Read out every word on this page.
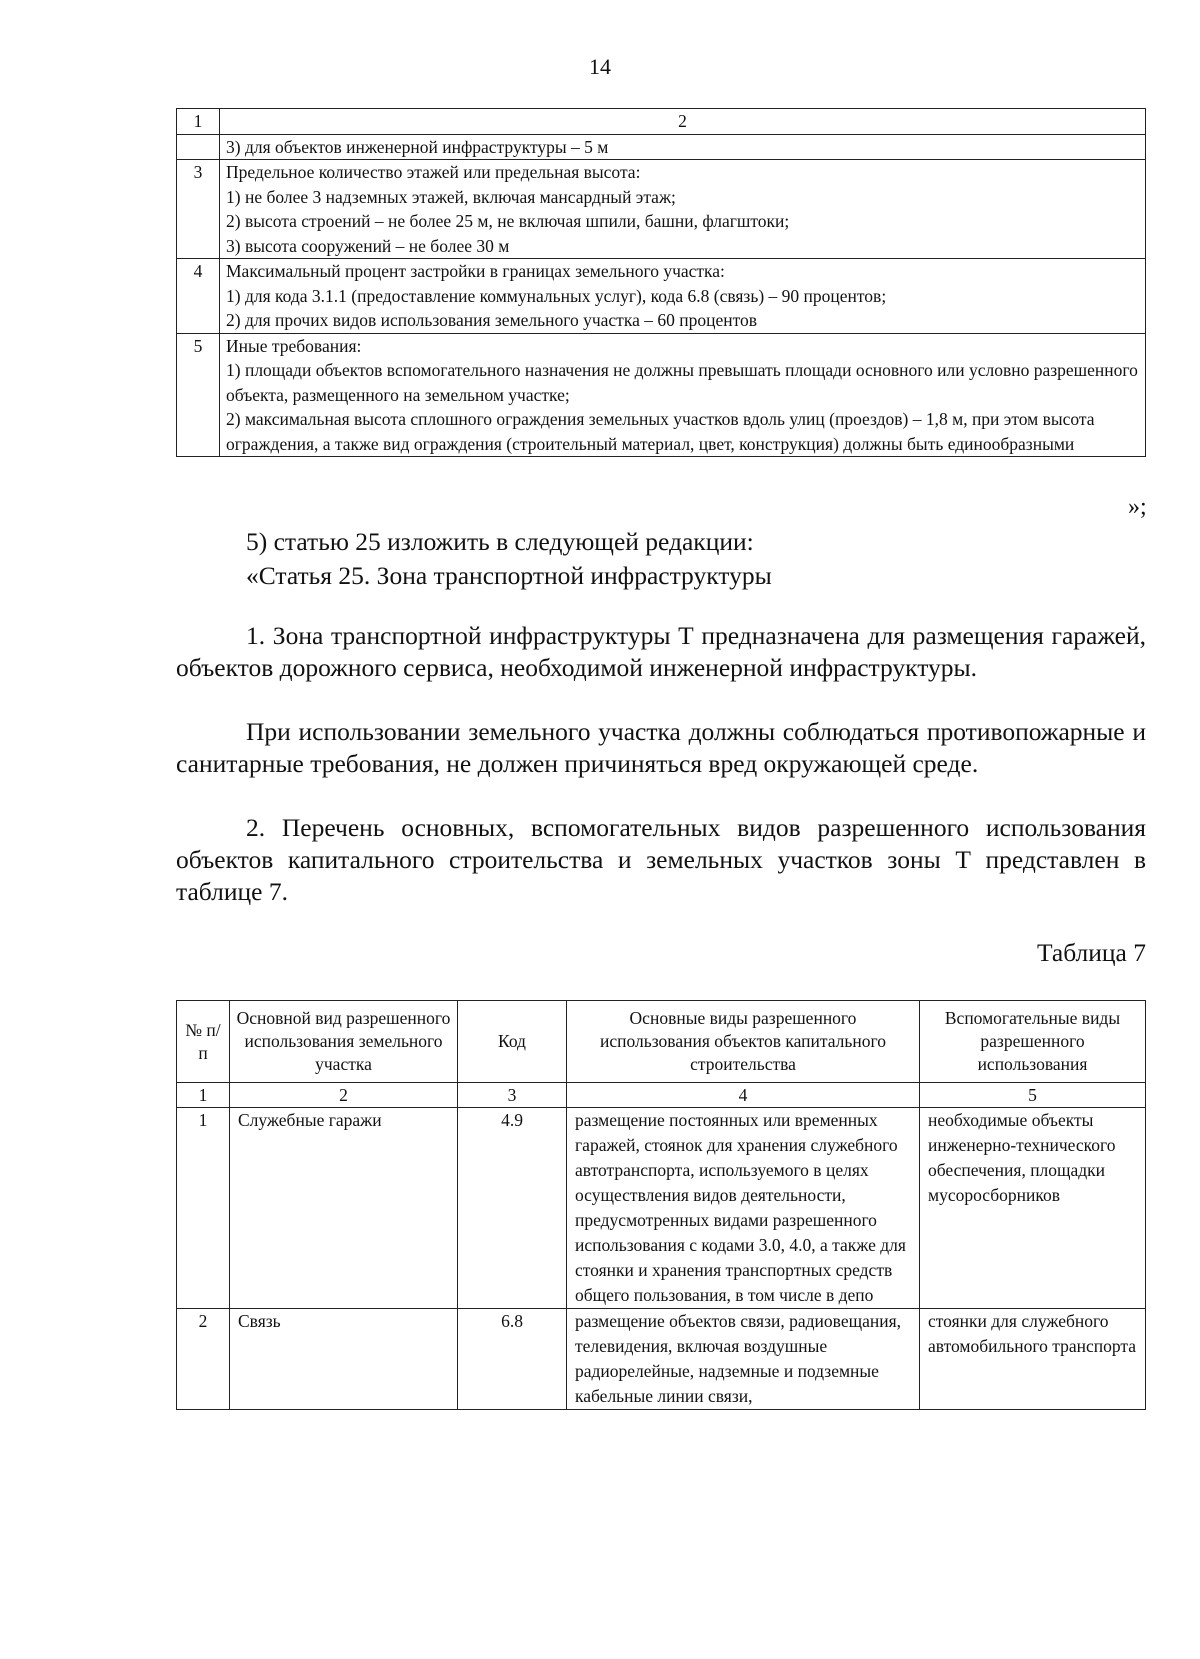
14
1	2

	3) для объектов инженерной инфраструктуры – 5 м

3	Предельное количество этажей или предельная высота:
1) не более 3 надземных этажей, включая мансардный этаж;
2) высота строений – не более 25 м, не включая шпили, башни, флагштоки;
3) высота сооружений – не более 30 м

4	Максимальный процент застройки в границах земельного участка:
1) для кода 3.1.1 (предоставление коммунальных услуг), кода 6.8 (связь) – 90 процентов;
2) для прочих видов использования земельного участка – 60 процентов

5	Иные требования:
1) площади объектов вспомогательного назначения не должны превышать площади основного или условно разрешенного объекта, размещенного на земельном участке;
2) максимальная высота сплошного ограждения земельных участков вдоль улиц (проездов) – 1,8 м, при этом высота ограждения, а также вид ограждения (строительный материал, цвет, конструкция) должны быть единообразными
»;
5) статью 25 изложить в следующей редакции:
«Статья 25. Зона транспортной инфраструктуры
1. Зона транспортной инфраструктуры Т предназначена для размещения гаражей, объектов дорожного сервиса, необходимой инженерной инфраструктуры.
При использовании земельного участка должны соблюдаться противопожарные и санитарные требования, не должен причиняться вред окружающей среде.
2. Перечень основных, вспомогательных видов разрешенного использования объектов капитального строительства и земельных участков зоны Т представлен в таблице 7.
Таблица 7
№ п/п	Основной вид разрешенного использования земельного участка	Код	Основные виды разрешенного использования объектов капитального строительства	Вспомогательные виды разрешенного использования
1	2	3	4	5
1	Служебные гаражи	4.9	размещение постоянных или временных гаражей, стоянок для хранения служебного автотранспорта, используемого в целях осуществления видов деятельности, предусмотренных видами разрешенного использования с кодами 3.0, 4.0, а также для стоянки и хранения транспортных средств общего пользования, в том числе в депо	необходимые объекты инженерно-технического обеспечения, площадки мусоросборников
2	Связь	6.8	размещение объектов связи, радиовещания, телевидения, включая воздушные радиорелейные, надземные и подземные кабельные линии связи,	стоянки для служебного автомобильного транспорта
